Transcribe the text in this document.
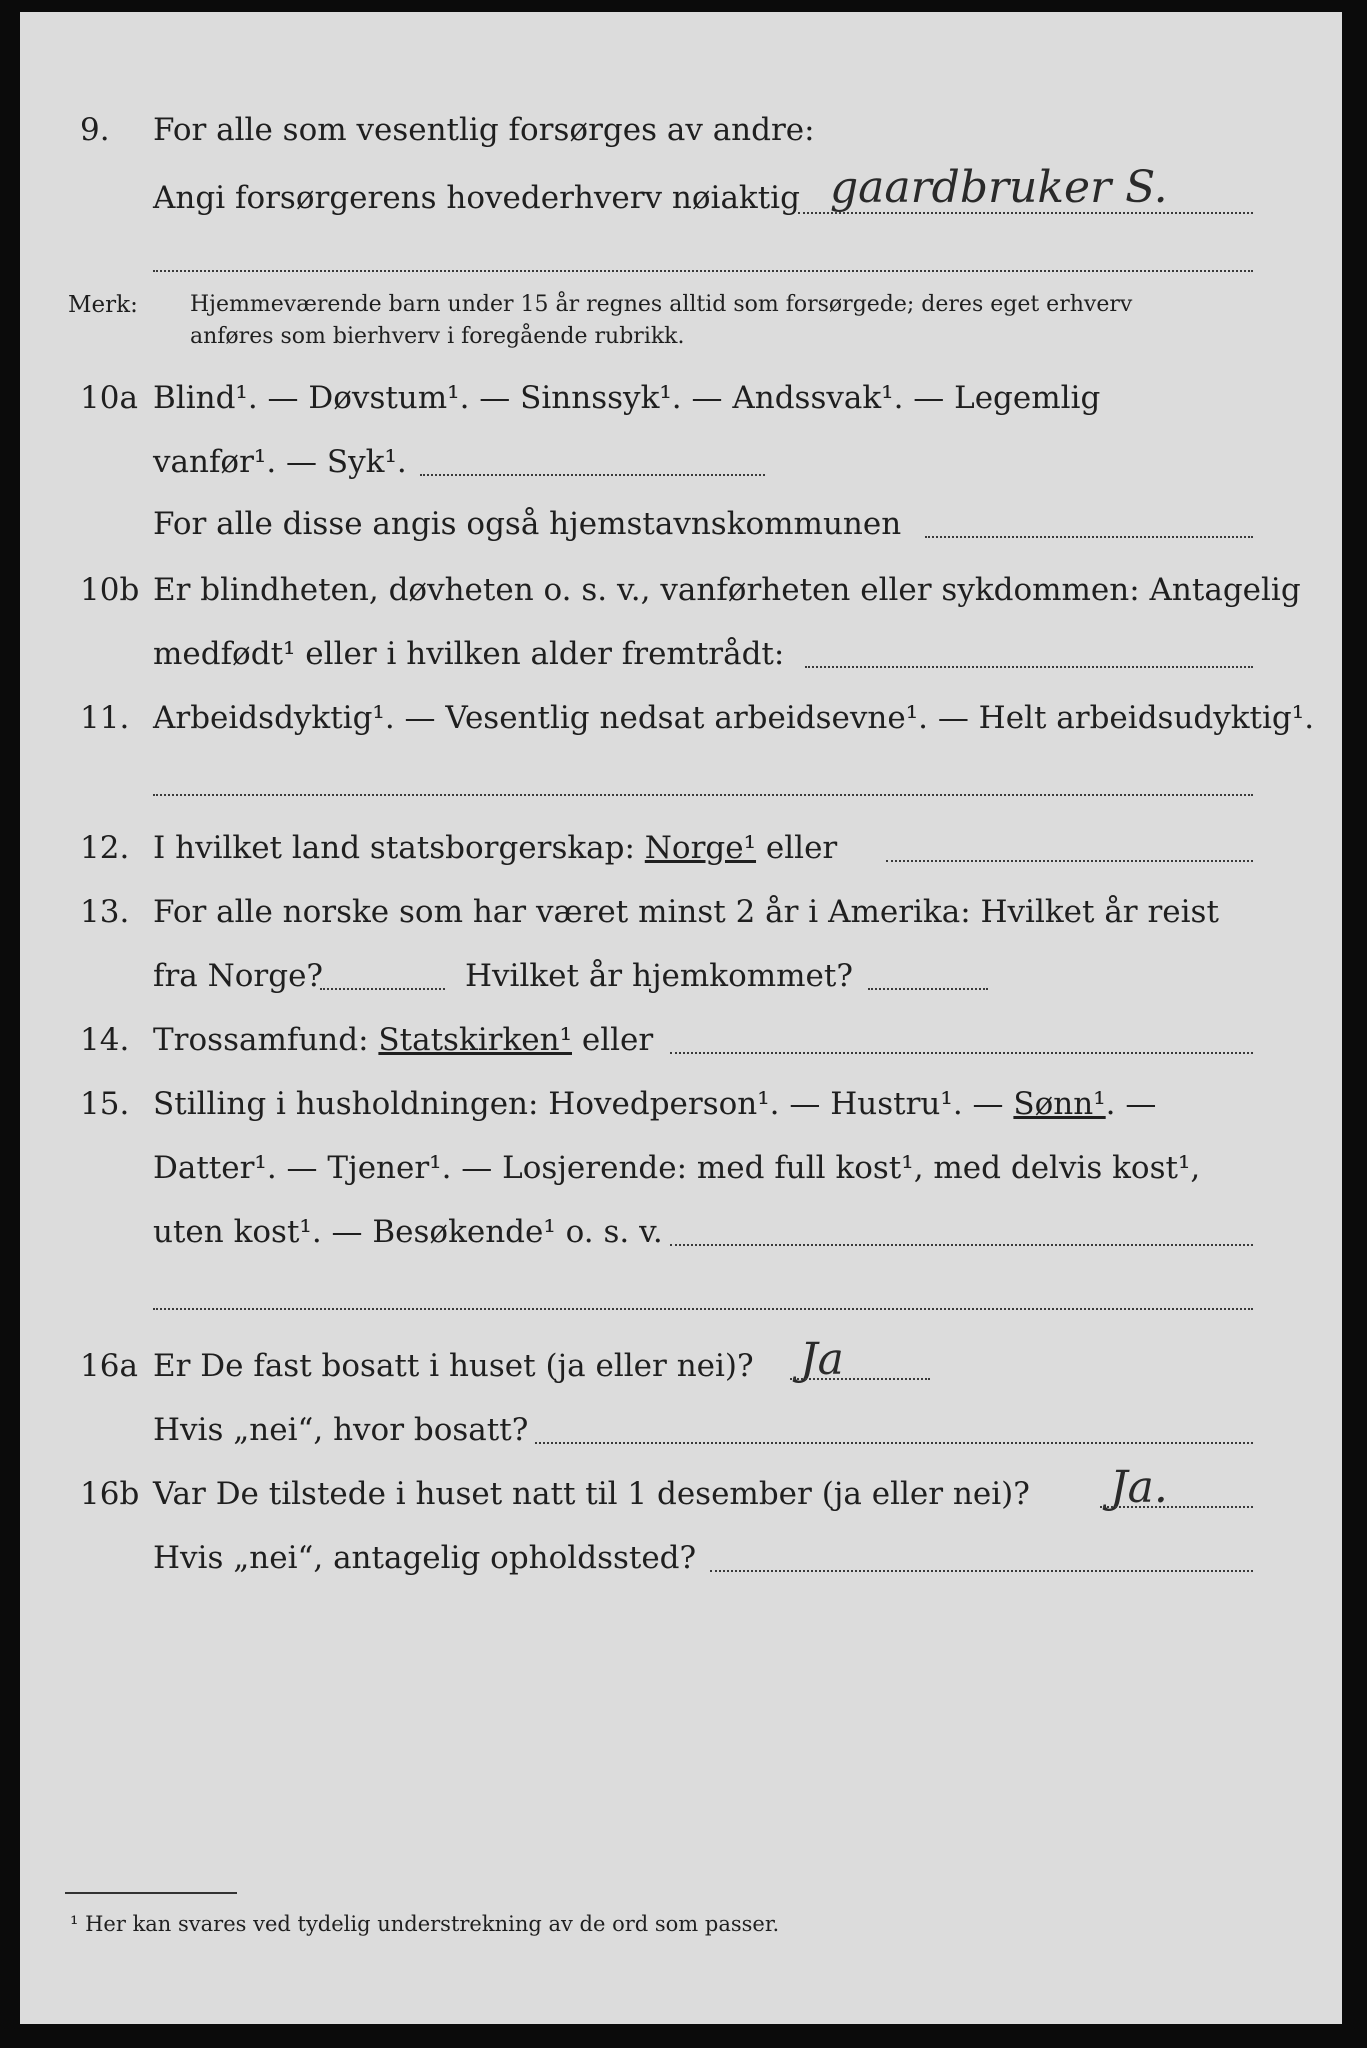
9. For alle som vesentlig forsørges av andre:
Angi forsørgerens hovederhverv nøiaktig gaardbruker S.
Merk: Hjemmeværende barn under 15 år regnes alltid som forsørgede; deres eget erhverv
anføres som bierhverv i foregående rubrikk.
10a Blind¹. — Døvstum¹. — Sinnssyk¹. — Andssvak¹. — Legemlig
vanfør¹. — Syk¹.
For alle disse angis også hjemstavnskommunen
10b Er blindheten, døvheten o. s. v., vanførheten eller sykdommen: Antagelig
medfødt¹ eller i hvilken alder fremtrådt:
11. Arbeidsdyktig¹. — Vesentlig nedsat arbeidsevne¹. — Helt arbeidsudyktig¹.
12. I hvilket land statsborgerskap: Norge¹ eller
13. For alle norske som har været minst 2 år i Amerika: Hvilket år reist
fra Norge?	Hvilket år hjemkommet?
14. Trossamfund: Statskirken¹ eller
15. Stilling i husholdningen: Hovedperson¹. — Hustru¹. — Sønn¹. —
Datter¹. — Tjener¹. — Losjerende: med full kost¹, med delvis kost¹,
uten kost¹. — Besøkende¹ o. s. v.
16a Er De fast bosatt i huset (ja eller nei)? Ja
Hvis „nei“, hvor bosatt?
16b Var De tilstede i huset natt til 1 desember (ja eller nei)? Ja.
Hvis „nei“, antagelig opholdssted?
¹ Her kan svares ved tydelig understrekning av de ord som passer.
